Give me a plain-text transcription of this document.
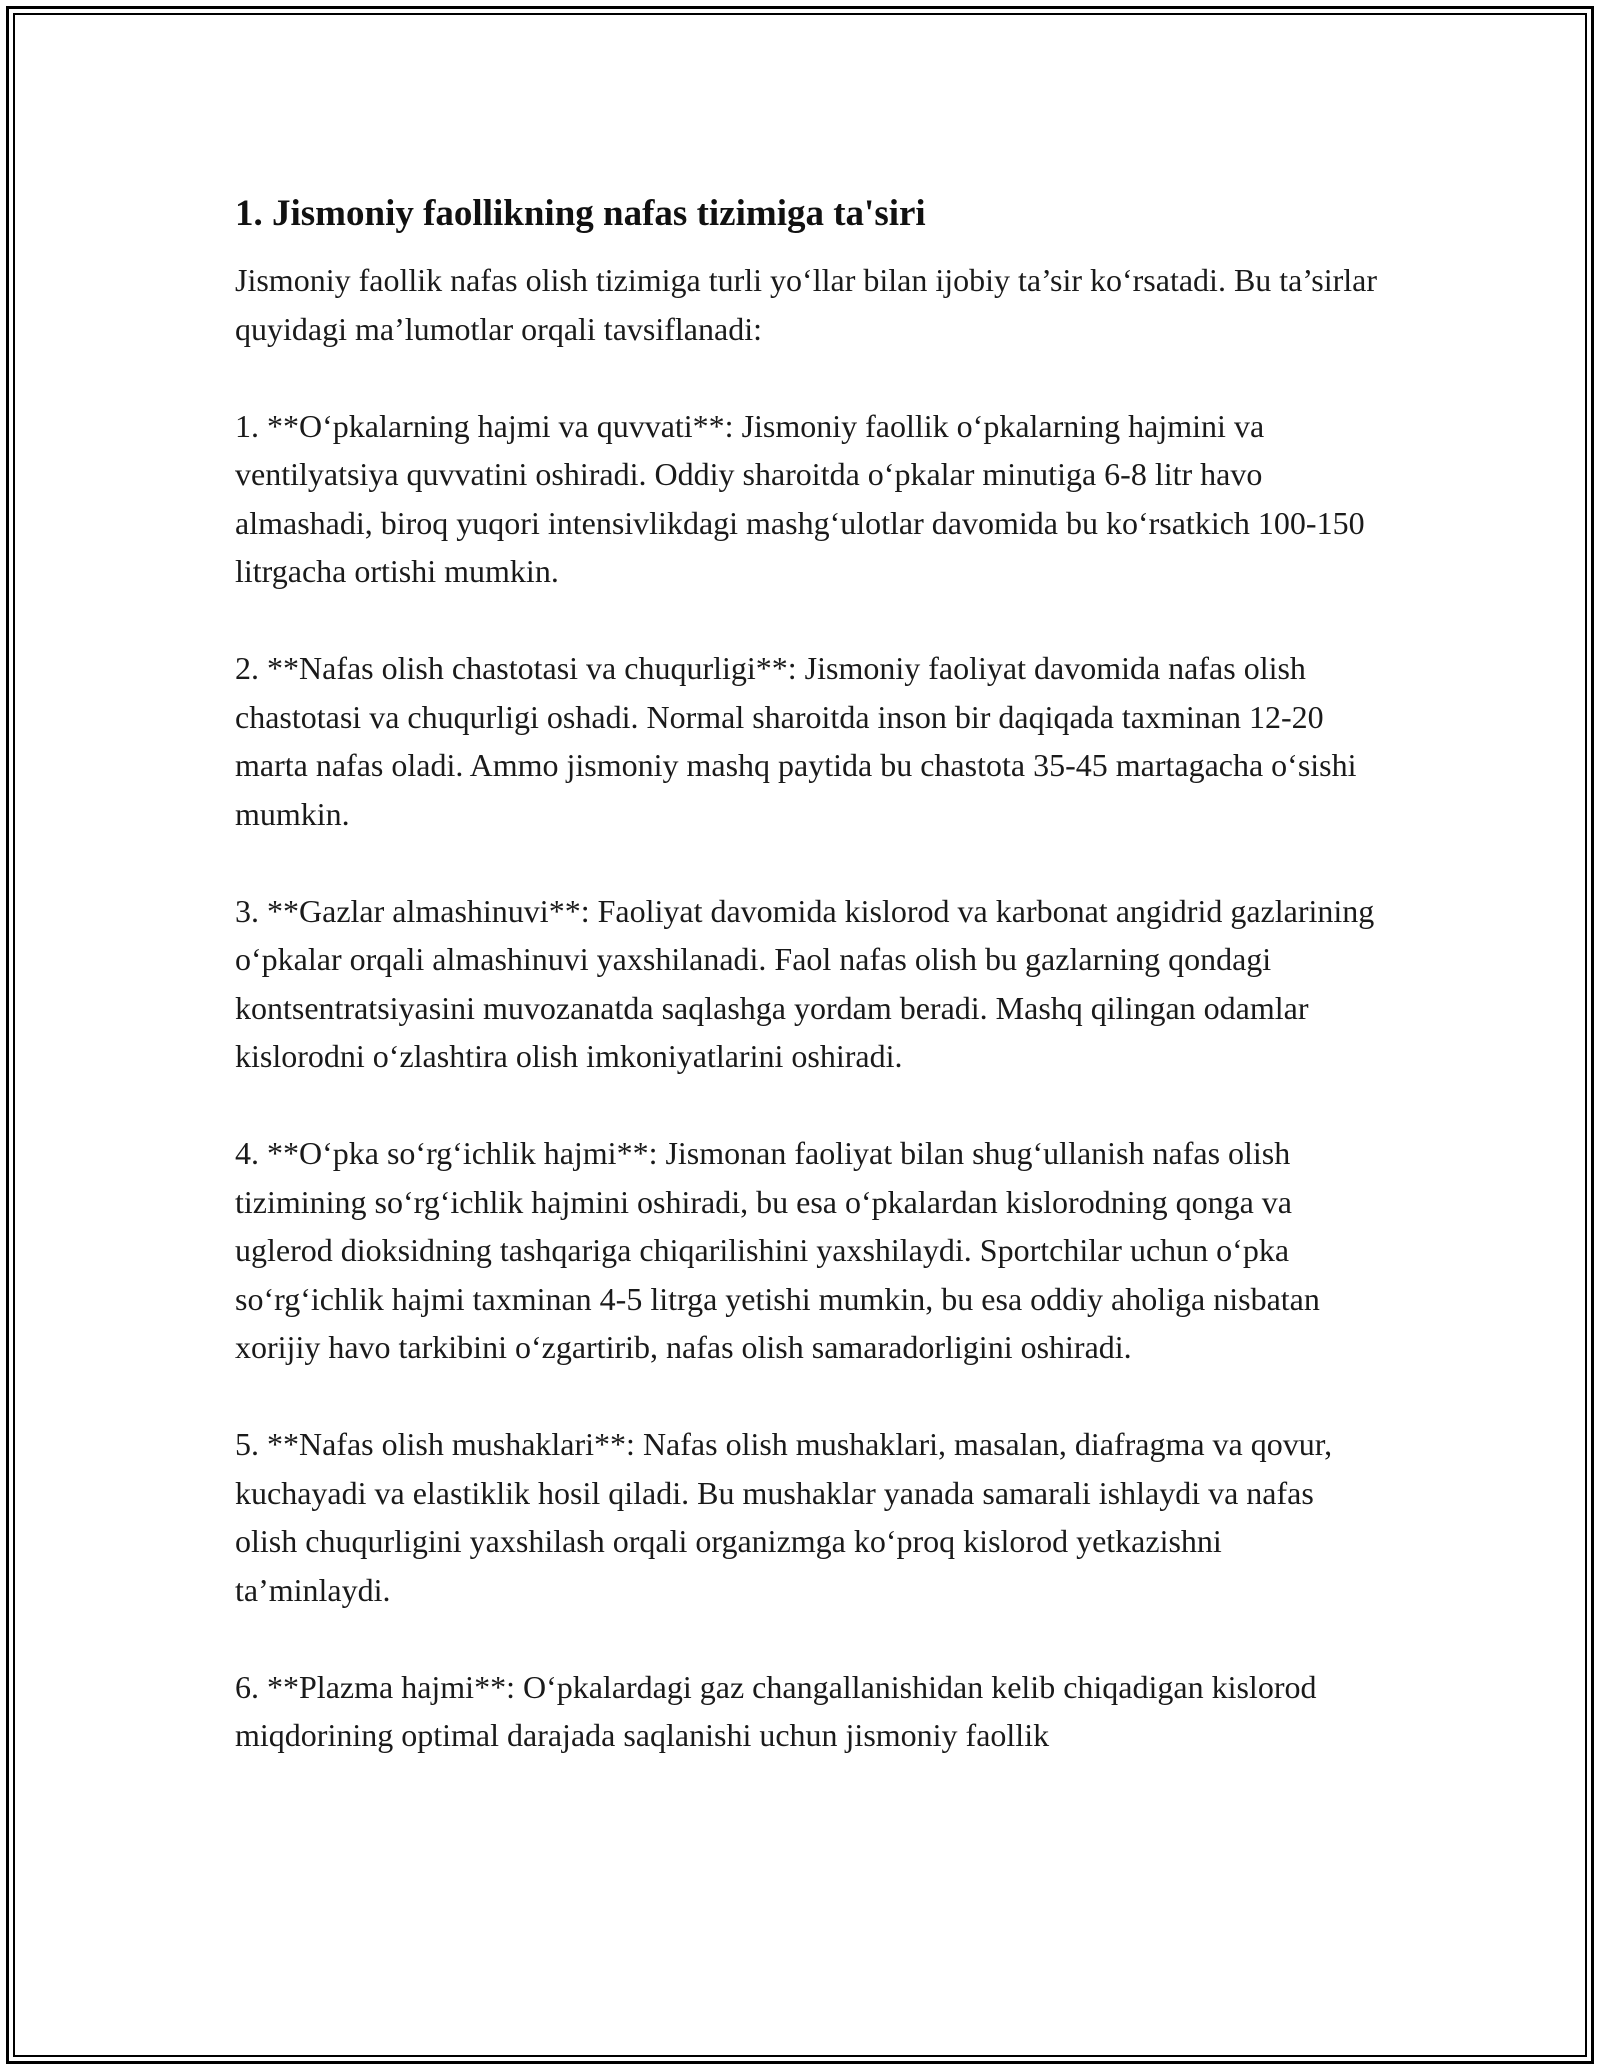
1. Jismoniy faollikning nafas tizimiga ta'siri

Jismoniy faollik nafas olish tizimiga turli yo‘llar bilan ijobiy ta’sir ko‘rsatadi. Bu ta’sirlar quyidagi ma’lumotlar orqali tavsiflanadi:

1. **O‘pkalarning hajmi va quvvati**: Jismoniy faollik o‘pkalarning hajmini va ventilyatsiya quvvatini oshiradi. Oddiy sharoitda o‘pkalar minutiga 6-8 litr havo almashadi, biroq yuqori intensivlikdagi mashg‘ulotlar davomida bu ko‘rsatkich 100-150 litrgacha ortishi mumkin.

2. **Nafas olish chastotasi va chuqurligi**: Jismoniy faoliyat davomida nafas olish chastotasi va chuqurligi oshadi. Normal sharoitda inson bir daqiqada taxminan 12-20 marta nafas oladi. Ammo jismoniy mashq paytida bu chastota 35-45 martagacha o‘sishi mumkin.

3. **Gazlar almashinuvi**: Faoliyat davomida kislorod va karbonat angidrid gazlarining o‘pkalar orqali almashinuvi yaxshilanadi. Faol nafas olish bu gazlarning qondagi kontsentratsiyasini muvozanatda saqlashga yordam beradi. Mashq qilingan odamlar kislorodni o‘zlashtira olish imkoniyatlarini oshiradi.

4. **O‘pka so‘rg‘ichlik hajmi**: Jismonan faoliyat bilan shug‘ullanish nafas olish tizimining so‘rg‘ichlik hajmini oshiradi, bu esa o‘pkalardan kislorodning qonga va uglerod dioksidning tashqariga chiqarilishini yaxshilaydi. Sportchilar uchun o‘pka so‘rg‘ichlik hajmi taxminan 4-5 litrga yetishi mumkin, bu esa oddiy aholiga nisbatan xorijiy havo tarkibini o‘zgartirib, nafas olish samaradorligini oshiradi.

5. **Nafas olish mushaklari**: Nafas olish mushaklari, masalan, diafragma va qovur, kuchayadi va elastiklik hosil qiladi. Bu mushaklar yanada samarali ishlaydi va nafas olish chuqurligini yaxshilash orqali organizmga ko‘proq kislorod yetkazishni ta’minlaydi.

6. **Plazma hajmi**: O‘pkalardagi gaz changallanishidan kelib chiqadigan kislorod miqdorining optimal darajada saqlanishi uchun jismoniy faollik
